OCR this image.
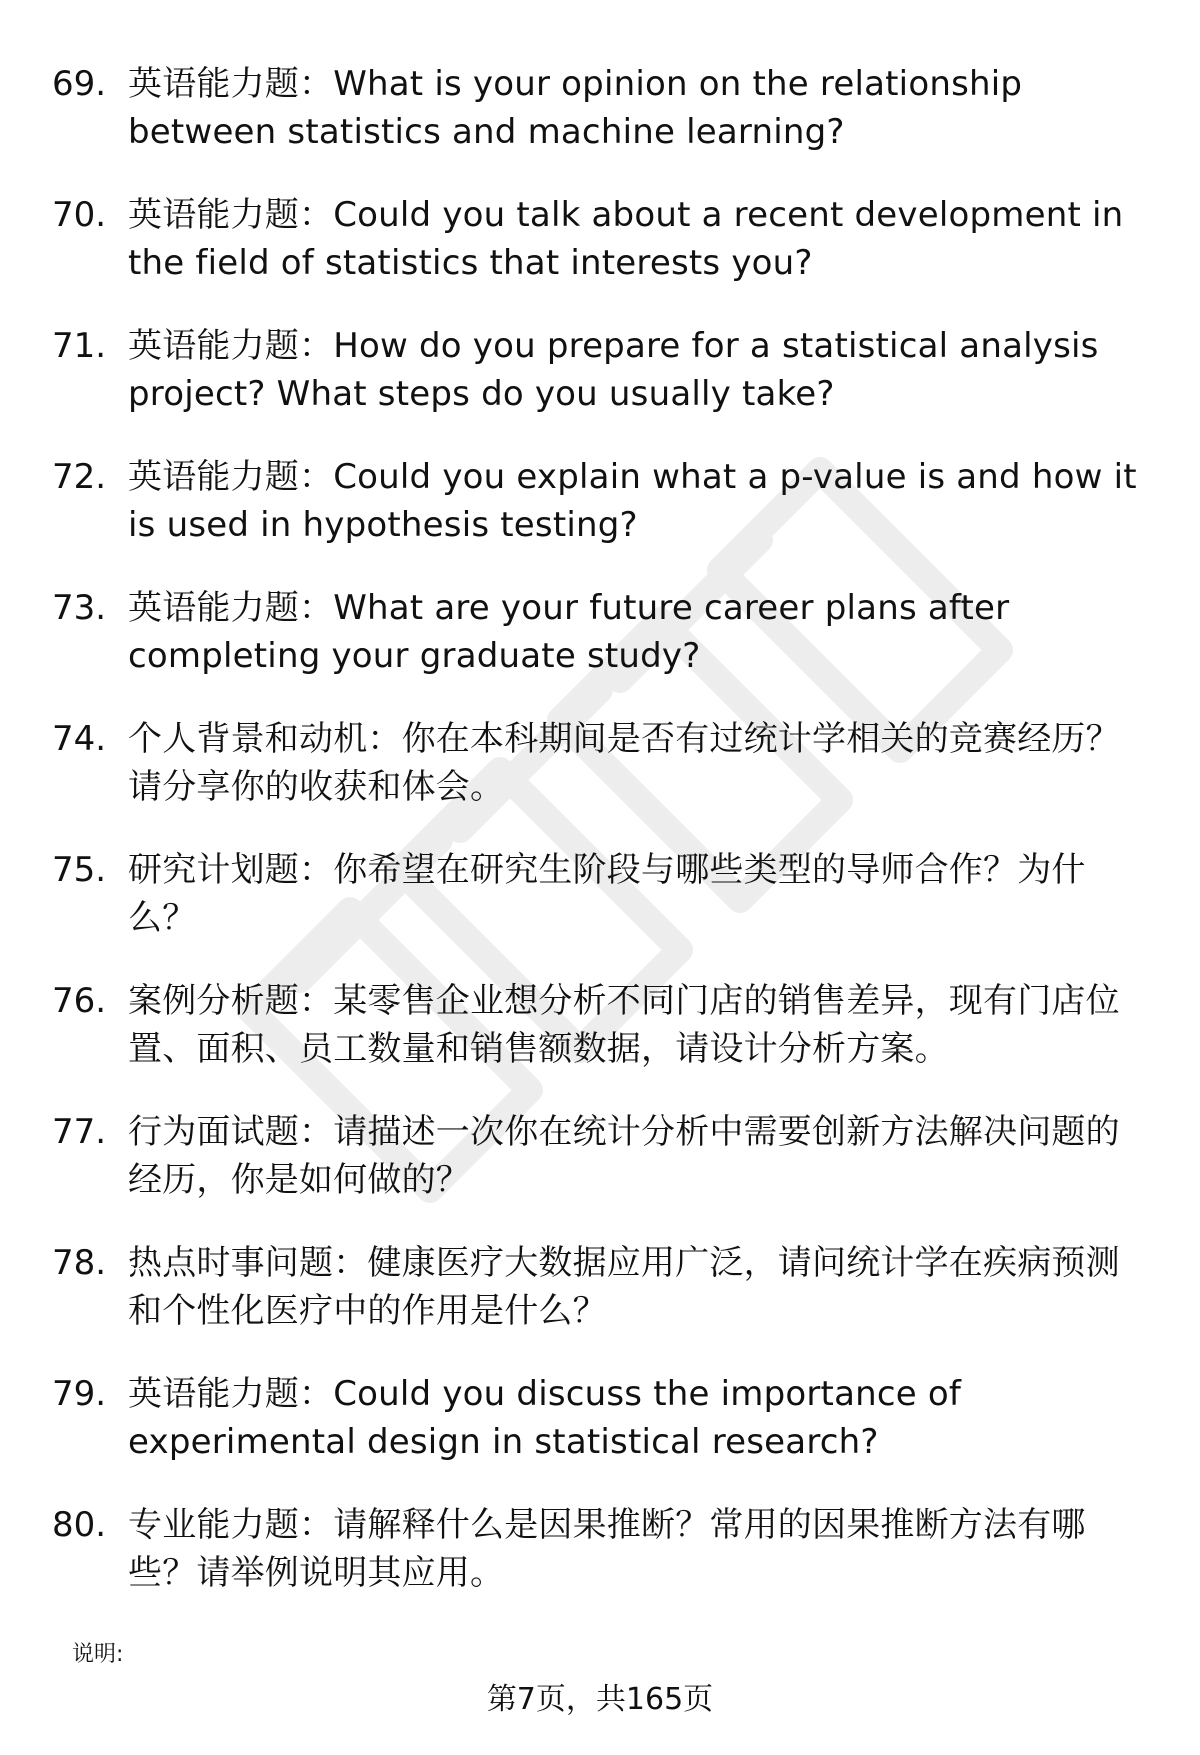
69. 英语能力题：What is your opinion on the relationship between statistics and machine learning?
70. 英语能力题：Could you talk about a recent development in the field of statistics that interests you?
71. 英语能力题：How do you prepare for a statistical analysis project? What steps do you usually take?
72. 英语能力题：Could you explain what a p-value is and how it is used in hypothesis testing?
73. 英语能力题：What are your future career plans after completing your graduate study?
74. 个人背景和动机：你在本科期间是否有过统计学相关的竞赛经历？请分享你的收获和体会。
75. 研究计划题：你希望在研究生阶段与哪些类型的导师合作？为什么？
76. 案例分析题：某零售企业想分析不同门店的销售差异，现有门店位置、面积、员工数量和销售额数据，请设计分析方案。
77. 行为面试题：请描述一次你在统计分析中需要创新方法解决问题的经历，你是如何做的？
78. 热点时事问题：健康医疗大数据应用广泛，请问统计学在疾病预测和个性化医疗中的作用是什么？
79. 英语能力题：Could you discuss the importance of experimental design in statistical research?
80. 专业能力题：请解释什么是因果推断？常用的因果推断方法有哪些？请举例说明其应用。
说明:
第7页，共165页
